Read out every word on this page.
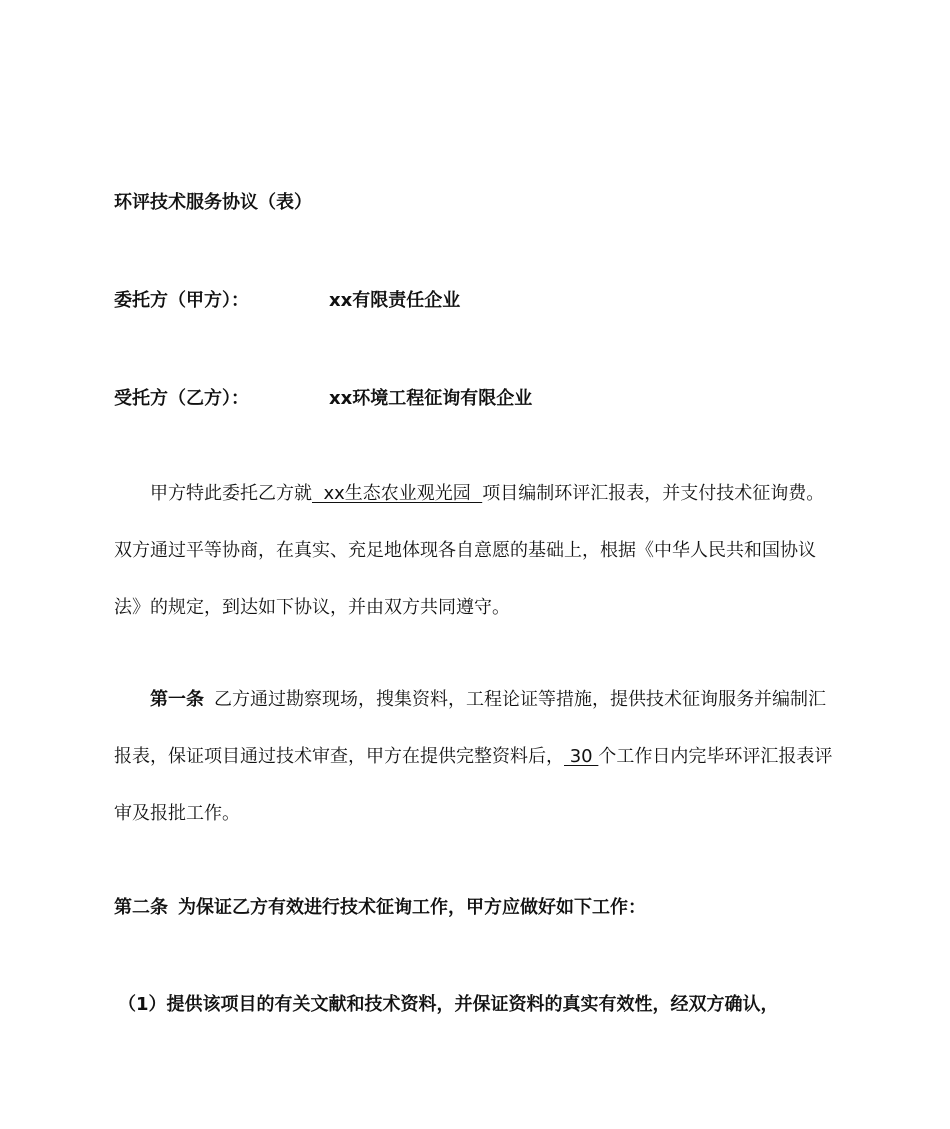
环评技术服务协议（表）
委托方（甲方）：	xx有限责任企业
受托方（乙方）：	xx环境工程征询有限企业
甲方特此委托乙方就  xx生态农业观光园  项目编制环评汇报表，并支付技术征询费。
双方通过平等协商，在真实、充足地体现各自意愿的基础上，根据《中华人民共和国协议
法》的规定，到达如下协议，并由双方共同遵守。
第一条 乙方通过勘察现场，搜集资料，工程论证等措施，提供技术征询服务并编制汇
报表，保证项目通过技术审查，甲方在提供完整资料后， 30 个工作日内完毕环评汇报表评
审及报批工作。
第二条 为保证乙方有效进行技术征询工作，甲方应做好如下工作：
（1）提供该项目的有关文献和技术资料，并保证资料的真实有效性，经双方确认，
